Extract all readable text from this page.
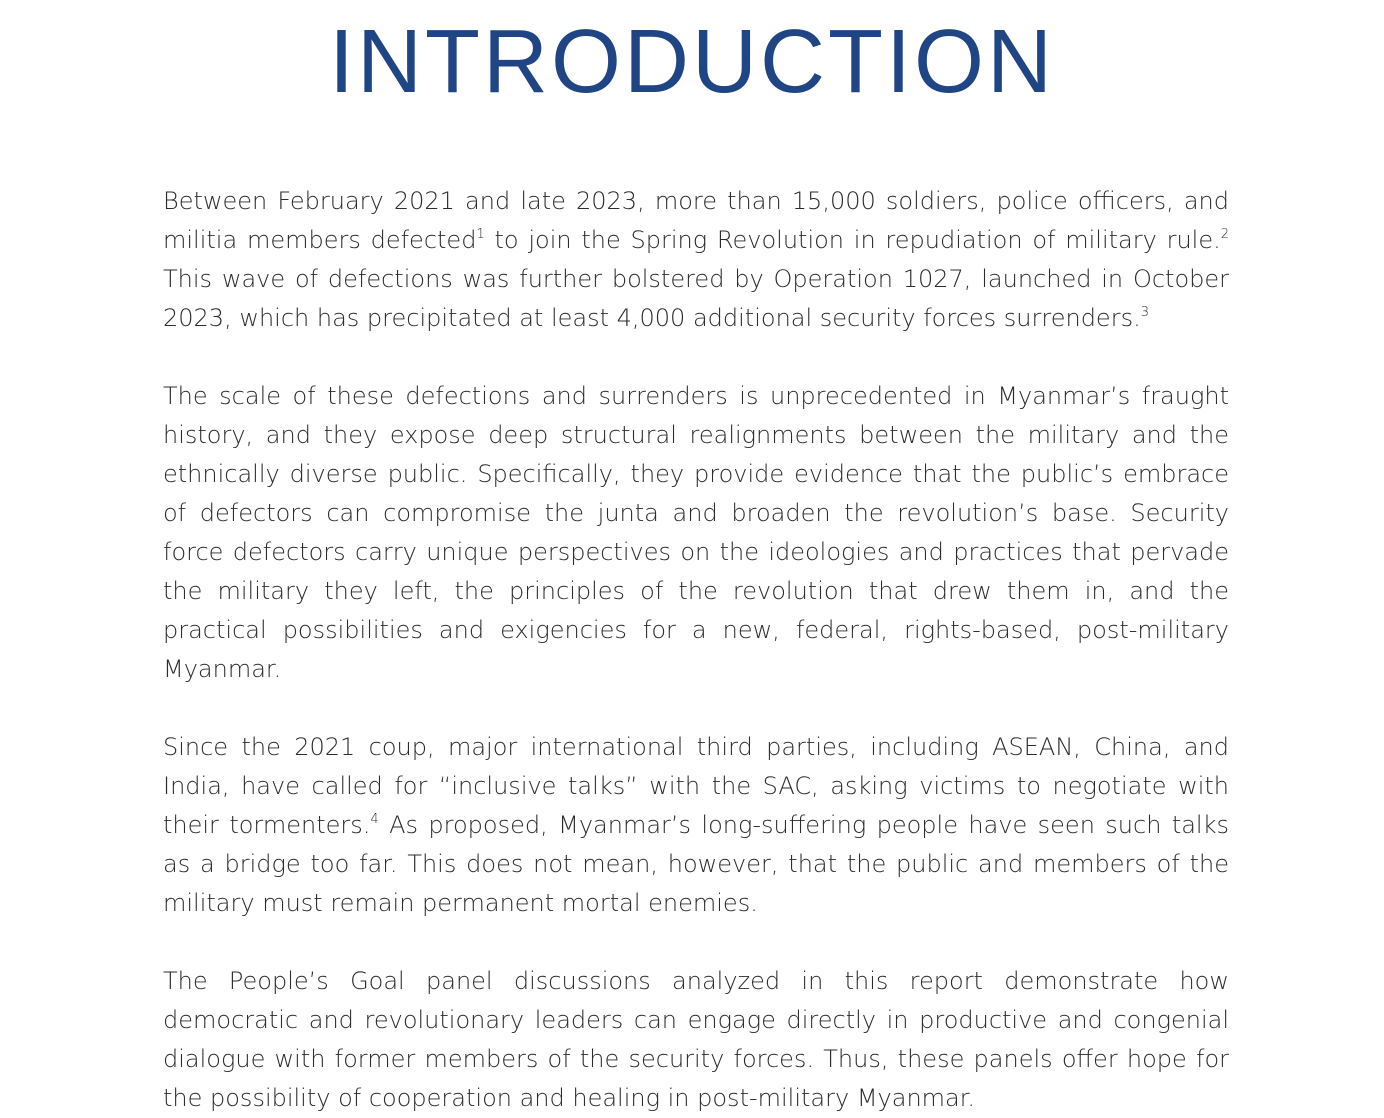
INTRODUCTION

Between February 2021 and late 2023, more than 15,000 soldiers, police officers, and militia members defected$^1$ to join the Spring Revolution in repudiation of military rule.$^2$ This wave of defections was further bolstered by Operation 1027, launched in October 2023, which has precipitated at least 4,000 additional security forces surrenders.$^3$

The scale of these defections and surrenders is unprecedented in Myanmar’s fraught history, and they expose deep structural realignments between the military and the ethnically diverse public. Specifically, they provide evidence that the public’s embrace of defectors can compromise the junta and broaden the revolution’s base. Security force defectors carry unique perspectives on the ideologies and practices that pervade the military they left, the principles of the revolution that drew them in, and the practical possibilities and exigencies for a new, federal, rights-based, post-military Myanmar.

Since the 2021 coup, major international third parties, including ASEAN, China, and India, have called for “inclusive talks” with the SAC, asking victims to negotiate with their tormenters.$^4$ As proposed, Myanmar’s long-suffering people have seen such talks as a bridge too far. This does not mean, however, that the public and members of the military must remain permanent mortal enemies.

The People’s Goal panel discussions analyzed in this report demonstrate how democratic and revolutionary leaders can engage directly in productive and congenial dialogue with former members of the security forces. Thus, these panels offer hope for the possibility of cooperation and healing in post-military Myanmar.
